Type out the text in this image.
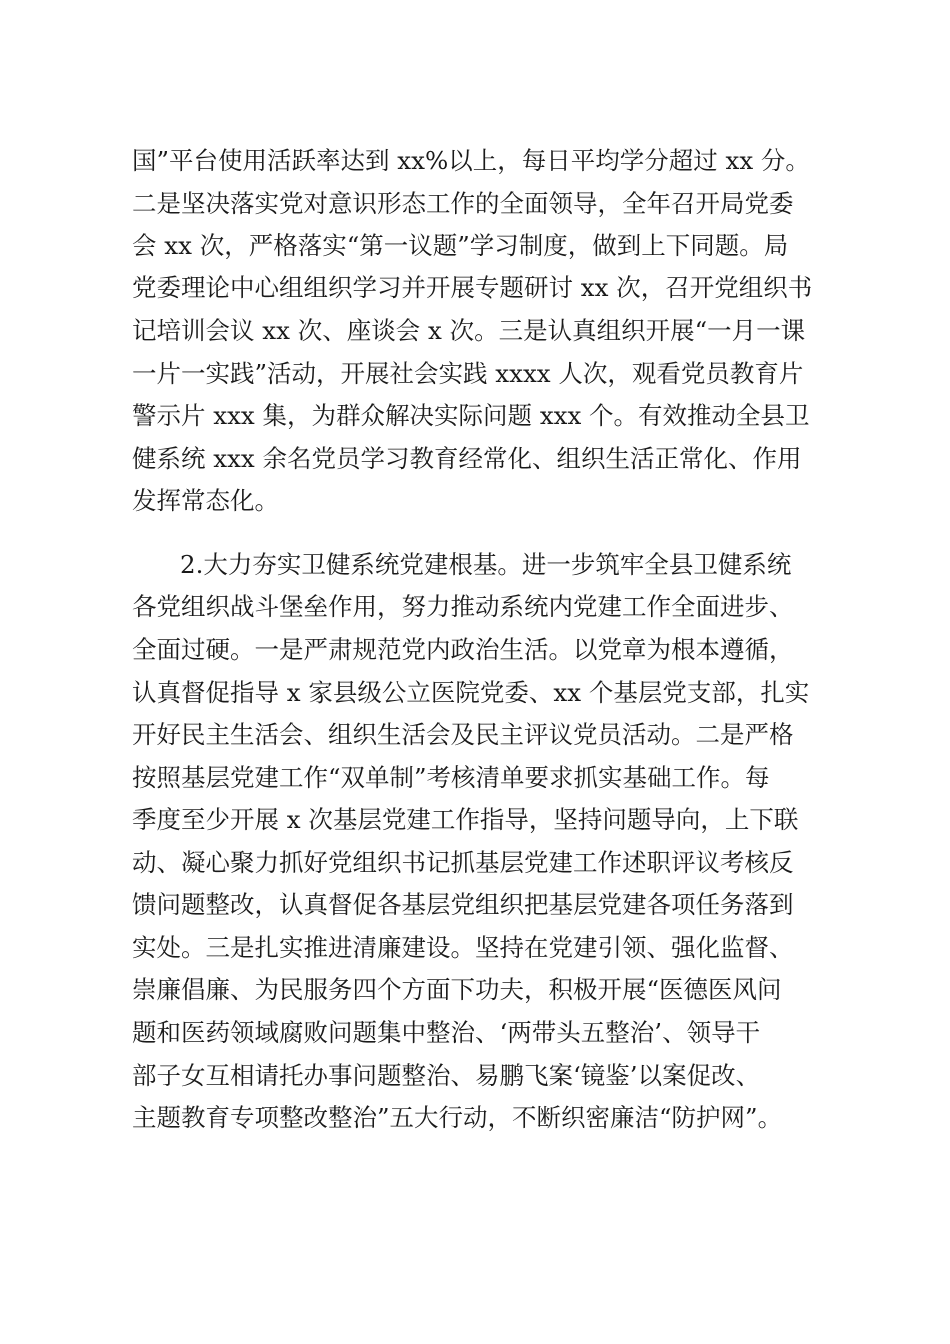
国”平台使用活跃率达到 xx%以上，每日平均学分超过 xx 分。
二是坚决落实党对意识形态工作的全面领导，全年召开局党委
会 xx 次，严格落实“第一议题”学习制度，做到上下同题。局
党委理论中心组组织学习并开展专题研讨 xx 次，召开党组织书
记培训会议 xx 次、座谈会 x 次。三是认真组织开展“一月一课
一片一实践”活动，开展社会实践 xxxx 人次，观看党员教育片
警示片 xxx 集，为群众解决实际问题 xxx 个。有效推动全县卫
健系统 xxx 余名党员学习教育经常化、组织生活正常化、作用
发挥常态化。
2.大力夯实卫健系统党建根基。进一步筑牢全县卫健系统
各党组织战斗堡垒作用，努力推动系统内党建工作全面进步、
全面过硬。一是严肃规范党内政治生活。以党章为根本遵循，
认真督促指导 x 家县级公立医院党委、xx 个基层党支部，扎实
开好民主生活会、组织生活会及民主评议党员活动。二是严格
按照基层党建工作“双单制”考核清单要求抓实基础工作。每
季度至少开展 x 次基层党建工作指导，坚持问题导向，上下联
动、凝心聚力抓好党组织书记抓基层党建工作述职评议考核反
馈问题整改，认真督促各基层党组织把基层党建各项任务落到
实处。三是扎实推进清廉建设。坚持在党建引领、强化监督、
崇廉倡廉、为民服务四个方面下功夫，积极开展“医德医风问
题和医药领域腐败问题集中整治、‘两带头五整治’、领导干
部子女互相请托办事问题整治、易鹏飞案‘镜鉴’以案促改、
主题教育专项整改整治”五大行动，不断织密廉洁“防护网”。
